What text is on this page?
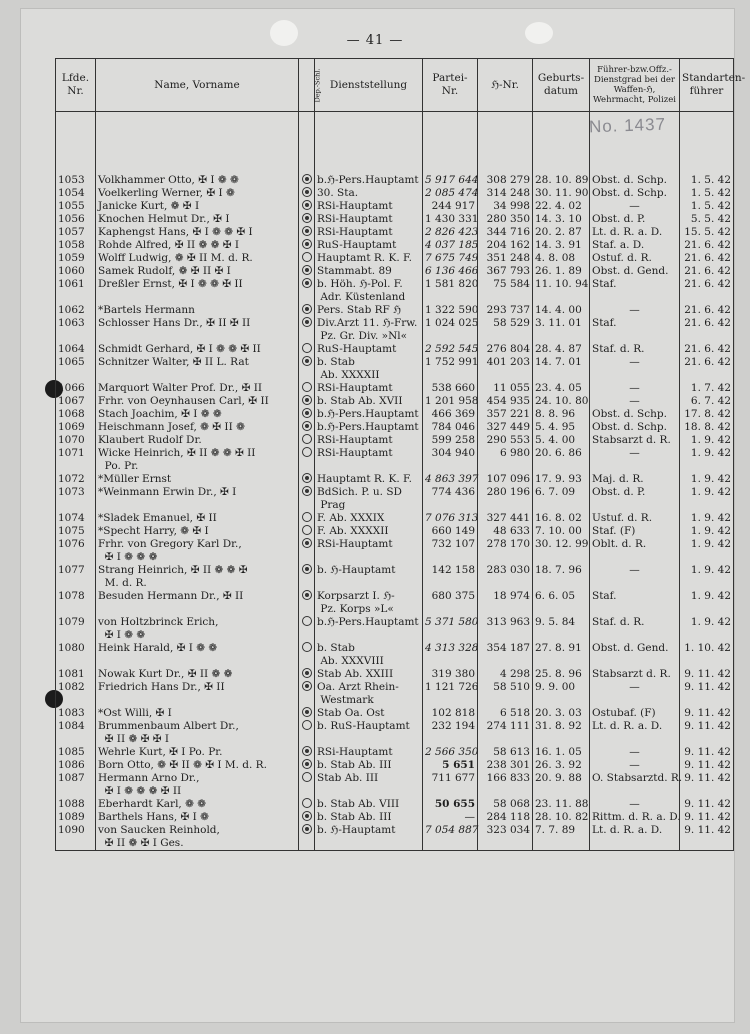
— 41 —
No. 1437
Lfde. Nr.	Name, Vorname	Dep.-Schl.	Dienststellung	Partei-Nr.	ℌ-Nr.	Geburts-datum	Führer-bzw.Offz.-Dienstgrad bei der Waffen-ℌ, Wehrmacht, Polizei	Standarten-führer

1053	Volkhammer Otto, ✠ I ❁ ❁		b.ℌ-Pers.Hauptamt	5 917 644	308 279	28. 10. 89	Obst. d. Schp.	1. 5. 42
1054	Voelkerling Werner, ✠ I ❁		30. Sta.	2 085 474	314 248	30. 11. 90	Obst. d. Schp.	1. 5. 42
1055	Janicke Kurt, ❁ ✠ I		RSi-Hauptamt	244 917	34 998	22. 4. 02	—	1. 5. 42
1056	Knochen Helmut Dr., ✠ I		RSi-Hauptamt	1 430 331	280 350	14. 3. 10	Obst. d. P.	5. 5. 42
1057	Kaphengst Hans, ✠ I ❁ ❁ ✠ I		RSi-Hauptamt	2 826 423	344 716	20. 2. 87	Lt. d. R. a. D.	15. 5. 42
1058	Rohde Alfred, ✠ II ❁ ❁ ✠ I		RuS-Hauptamt	4 037 185	204 162	14. 3. 91	Staf. a. D.	21. 6. 42
1059	Wolff Ludwig, ❁ ✠ II M. d. R.		Hauptamt R. K. F.	7 675 749	351 248	4. 8. 08	Ostuf. d. R.	21. 6. 42
1060	Samek Rudolf, ❁ ✠ II ✠ I		Stammabt. 89	6 136 466	367 793	26. 1. 89	Obst. d. Gend.	21. 6. 42
1061	Dreßler Ernst, ✠ I ❁ ❁ ✠ II		b. Höh. ℌ-Pol. F.
Adr. Küstenland	1 581 820	75 584	11. 10. 94	Staf.	21. 6. 42
1062	*Bartels Hermann		Pers. Stab RF ℌ	1 322 590	293 737	14. 4. 00	—	21. 6. 42
1063	Schlosser Hans Dr., ✠ II ✠ II		Div.Arzt 11. ℌ-Frw.
Pz. Gr. Div. »Nl«	1 024 025	58 529	3. 11. 01	Staf.	21. 6. 42
1064	Schmidt Gerhard, ✠ I ❁ ❁ ✠ II		RuS-Hauptamt	2 592 545	276 804	28. 4. 87	Staf. d. R.	21. 6. 42
1065	Schnitzer Walter, ✠ II L. Rat		b. Stab
Ab. XXXXII	1 752 991	401 203	14. 7. 01	—	21. 6. 42
1066	Marquort Walter Prof. Dr., ✠ II		RSi-Hauptamt	538 660	11 055	23. 4. 05	—	1. 7. 42
1067	Frhr. von Oeynhausen Carl, ✠ II		b. Stab Ab. XVII	1 201 958	454 935	24. 10. 80	—	6. 7. 42
1068	Stach Joachim, ✠ I ❁ ❁		b.ℌ-Pers.Hauptamt	466 369	357 221	8. 8. 96	Obst. d. Schp.	17. 8. 42
1069	Heischmann Josef, ❁ ✠ II ❁		b.ℌ-Pers.Hauptamt	784 046	327 449	5. 4. 95	Obst. d. Schp.	18. 8. 42
1070	Klaubert Rudolf Dr.		RSi-Hauptamt	599 258	290 553	5. 4. 00	Stabsarzt d. R.	1. 9. 42
1071	Wicke Heinrich, ✠ II ❁ ❁ ✠ II
Po. Pr.		RSi-Hauptamt	304 940	6 980	20. 6. 86	—	1. 9. 42
1072	*Müller Ernst		Hauptamt R. K. F.	4 863 397	107 096	17. 9. 93	Maj. d. R.	1. 9. 42
1073	*Weinmann Erwin Dr., ✠ I		BdSich. P. u. SD
Prag	774 436	280 196	6. 7. 09	Obst. d. P.	1. 9. 42
1074	*Sladek Emanuel, ✠ II		F. Ab. XXXIX	7 076 313	327 441	16. 8. 02	Ustuf. d. R.	1. 9. 42
1075	*Specht Harry, ❁ ✠ I		F. Ab. XXXXII	660 149	48 633	7. 10. 00	Staf. (F)	1. 9. 42
1076	Frhr. von Gregory Karl Dr.,
✠ I ❁ ❁ ❁		RSi-Hauptamt	732 107	278 170	30. 12. 99	Oblt. d. R.	1. 9. 42
1077	Strang Heinrich, ✠ II ❁ ❁ ✠
M. d. R.		b. ℌ-Hauptamt	142 158	283 030	18. 7. 96	—	1. 9. 42
1078	Besuden Hermann Dr., ✠ II		Korpsarzt I. ℌ-
Pz. Korps »L«	680 375	18 974	6. 6. 05	Staf.	1. 9. 42
1079	von Holtzbrinck Erich,
✠ I ❁ ❁		b.ℌ-Pers.Hauptamt	5 371 580	313 963	9. 5. 84	Staf. d. R.	1. 9. 42
1080	Heink Harald, ✠ I ❁ ❁		b. Stab
Ab. XXXVIII	4 313 328	354 187	27. 8. 91	Obst. d. Gend.	1. 10. 42
1081	Nowak Kurt Dr., ✠ II ❁ ❁		Stab Ab. XXIII	319 380	4 298	25. 8. 96	Stabsarzt d. R.	9. 11. 42
1082	Friedrich Hans Dr., ✠ II		Oa. Arzt Rhein-
Westmark	1 121 726	58 510	9. 9. 00	—	9. 11. 42
1083	*Ost Willi, ✠ I		Stab Oa. Ost	102 818	6 518	20. 3. 03	Ostubaf. (F)	9. 11. 42
1084	Brummenbaum Albert Dr.,
✠ II ❁ ✠ ✠ I		b. RuS-Hauptamt	232 194	274 111	31. 8. 92	Lt. d. R. a. D.	9. 11. 42
1085	Wehrle Kurt, ✠ I Po. Pr.		RSi-Hauptamt	2 566 350	58 613	16. 1. 05	—	9. 11. 42
1086	Born Otto, ❁ ✠ II ❁ ✠ I M. d. R.		b. Stab Ab. III	5 651	238 301	26. 3. 92	—	9. 11. 42
1087	Hermann Arno Dr.,
✠ I ❁ ❁ ❁ ✠ II		Stab Ab. III	711 677	166 833	20. 9. 88	O. Stabsarztd. R.	9. 11. 42
1088	Eberhardt Karl, ❁ ❁		b. Stab Ab. VIII	50 655	58 068	23. 11. 88	—	9. 11. 42
1089	Barthels Hans, ✠ I ❁		b. Stab Ab. III	—	284 118	28. 10. 82	Rittm. d. R. a. D.	9. 11. 42
1090	von Saucken Reinhold,
✠ II ❁ ✠ I Ges.		b. ℌ-Hauptamt	7 054 887	323 034	7. 7. 89	Lt. d. R. a. D.	9. 11. 42
